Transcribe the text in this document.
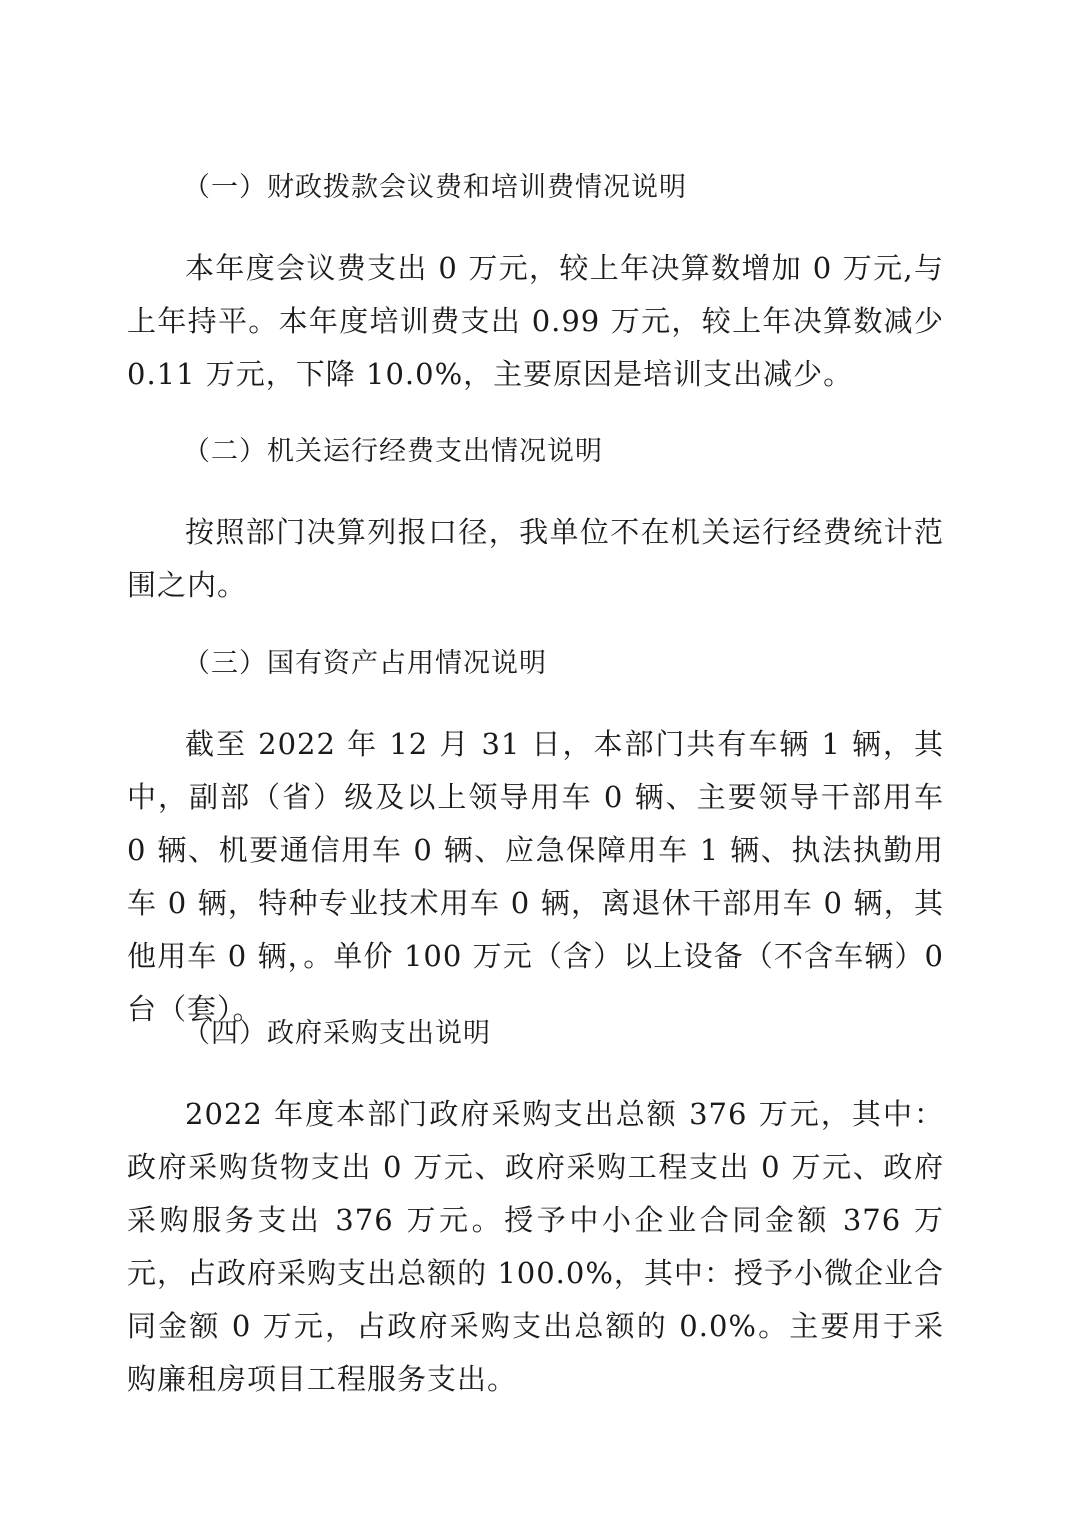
（一）财政拨款会议费和培训费情况说明
本年度会议费支出 0 万元，较上年决算数增加 0 万元,与上年持平。本年度培训费支出 0.99 万元，较上年决算数减少 0.11 万元，下降 10.0%，主要原因是培训支出减少。
（二）机关运行经费支出情况说明
按照部门决算列报口径，我单位不在机关运行经费统计范围之内。
（三）国有资产占用情况说明
截至 2022 年 12 月 31 日，本部门共有车辆 1 辆，其中，副部（省）级及以上领导用车 0 辆、主要领导干部用车 0 辆、机要通信用车 0 辆、应急保障用车 1 辆、执法执勤用车 0 辆，特种专业技术用车 0 辆，离退休干部用车 0 辆，其他用车 0 辆，。单价 100 万元（含）以上设备（不含车辆）0 台（套）。
（四）政府采购支出说明
2022 年度本部门政府采购支出总额 376 万元，其中：政府采购货物支出 0 万元、政府采购工程支出 0 万元、政府采购服务支出 376 万元。授予中小企业合同金额 376 万元，占政府采购支出总额的 100.0%，其中：授予小微企业合同金额 0 万元，占政府采购支出总额的 0.0%。主要用于采购廉租房项目工程服务支出。
